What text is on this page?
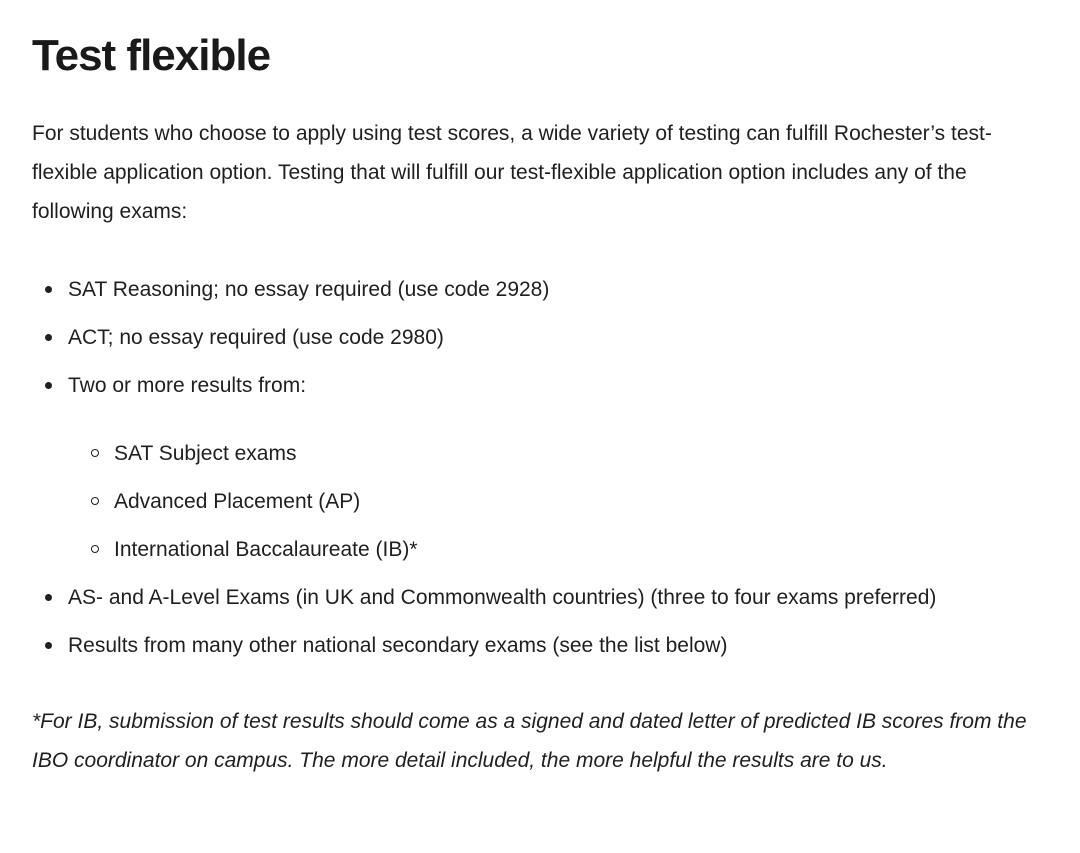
Test flexible

For students who choose to apply using test scores, a wide variety of testing can fulfill Rochester’s test-flexible application option. Testing that will fulfill our test-flexible application option includes any of the following exams:

SAT Reasoning; no essay required (use code 2928)
ACT; no essay required (use code 2980)
Two or more results from:
SAT Subject exams
Advanced Placement (AP)
International Baccalaureate (IB)*
AS- and A-Level Exams (in UK and Commonwealth countries) (three to four exams preferred)
Results from many other national secondary exams (see the list below)

*For IB, submission of test results should come as a signed and dated letter of predicted IB scores from the IBO coordinator on campus. The more detail included, the more helpful the results are to us.
